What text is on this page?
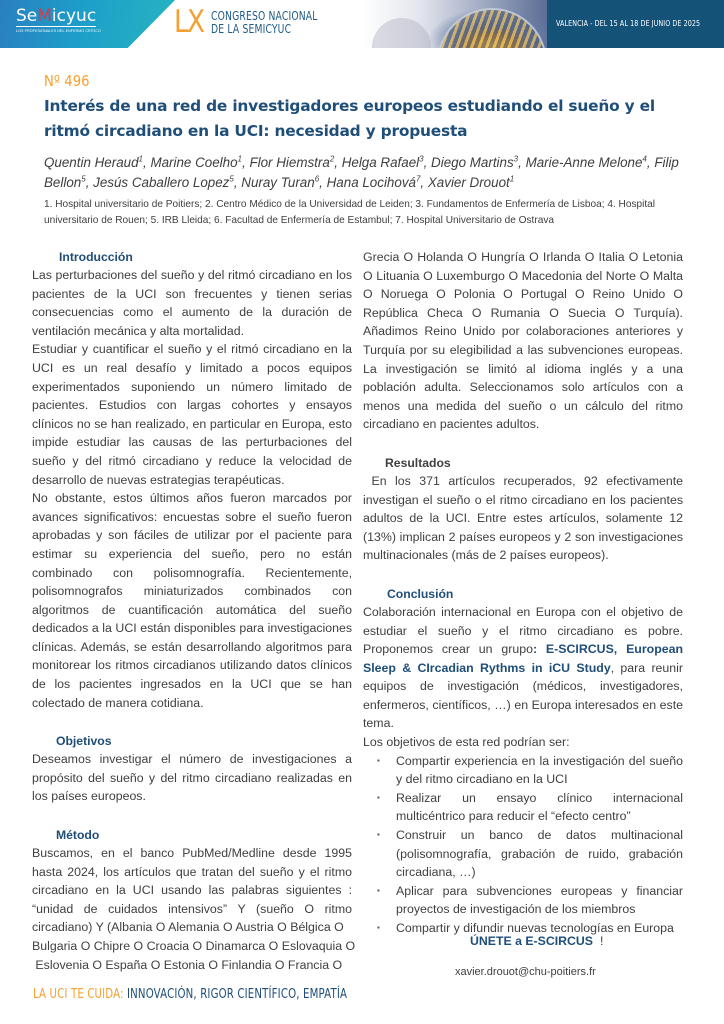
SeMicyuc
LOS PROFESIONALES DEL ENFERMO CRÍTICO LX CONGRESO NACIONAL
DE LA SEMICYUC	VALENCIA - DEL 15 AL 18 DE JUNIO DE 2025
Nº 496
Interés de una red de investigadores europeos estudiando el sueño y el ritmó circadiano en la UCI: necesidad y propuesta
Quentin Heraud$^1$, Marine Coelho$^1$, Flor Hiemstra$^2$, Helga Rafael$^3$, Diego Martins$^3$, Marie-Anne Melone$^4$, Filip Bellon$^5$, Jesús Caballero Lopez$^5$, Nuray Turan$^6$, Hana Locihová$^7$, Xavier Drouot$^1$
1. Hospital universitario de Poitiers; 2. Centro Médico de la Universidad de Leiden; 3. Fundamentos de Enfermería de Lisboa; 4. Hospital universitario de Rouen; 5. IRB Lleida; 6. Facultad de Enfermería de Estambul; 7. Hospital Universitario de Ostrava
Introducción

Las perturbaciones del sueño y del ritmó circadiano en los pacientes de la UCI son frecuentes y tienen serias consecuencias como el aumento de la duración de ventilación mecánica y alta mortalidad.

Estudiar y cuantificar el sueño y el ritmó circadiano en la UCI es un real desafío y limitado a pocos equipos experimentados suponiendo un número limitado de pacientes. Estudios con largas cohortes y ensayos clínicos no se han realizado, en particular en Europa, esto impide estudiar las causas de las perturbaciones del sueño y del ritmó circadiano y reduce la velocidad de desarrollo de nuevas estrategias terapéuticas.

No obstante, estos últimos años fueron marcados por avances significativos: encuestas sobre el sueño fueron aprobadas y son fáciles de utilizar por el paciente para estimar su experiencia del sueño, pero no están combinado con polisomnografía. Recientemente, polisomnografos miniaturizados combinados con algoritmos de cuantificación automática del sueño dedicados a la UCI están disponibles para investigaciones clínicas. Además, se están desarrollando algoritmos para monitorear los ritmos circadianos utilizando datos clínicos de los pacientes ingresados en la UCI que se han colectado de manera cotidiana.

Objetivos

Deseamos investigar el número de investigaciones a propósito del sueño y del ritmo circadiano realizadas en los países europeos.

Método

Buscamos, en el banco PubMed/Medline desde 1995 hasta 2024, los artículos que tratan del sueño y el ritmo circadiano en la UCI usando las palabras siguientes : “unidad de cuidados intensivos” Y (sueño O ritmo circadiano) Y (Albania O Alemania O Austria O Bélgica O

Bulgaria O Chipre O Croacia O Dinamarca O Eslovaquia O

Eslovenia O España O Estonia O Finlandia O Francia O

Grecia O Holanda O Hungría O Irlanda O Italia O Letonia O Lituania O Luxemburgo O Macedonia del Norte O Malta O Noruega O Polonia O Portugal O Reino Unido O República Checa O Rumania O Suecia O Turquía). Añadimos Reino Unido por colaboraciones anteriores y Turquía por su elegibilidad a las subvenciones europeas. La investigación se limitó al idioma inglés y a una población adulta. Seleccionamos solo artículos con a menos una medida del sueño o un cálculo del ritmo circadiano en pacientes adultos.

Resultados

En los 371 artículos recuperados, 92 efectivamente investigan el sueño o el ritmo circadiano en los pacientes adultos de la UCI. Entre estes artículos, solamente 12 (13%) implican 2 países europeos y 2 son investigaciones multinacionales (más de 2 países europeos).

Conclusión

Colaboración internacional en Europa con el objetivo de estudiar el sueño y el ritmo circadiano es pobre. Proponemos crear un grupo: E-SCIRCUS, European Sleep & CIrcadian Rythms in iCU Study, para reunir equipos de investigación (médicos, investigadores, enfermeros, científicos, …) en Europa interesados en este tema.

Los objetivos de esta red podrían ser:

▪ Compartir experiencia en la investigación del sueño y del ritmo circadiano en la UCI
▪ Realizar un ensayo clínico internacional multicéntrico para reducir el “efecto centro”
▪ Construir un banco de datos multinacional (polisomnografía, grabación de ruido, grabación circadiana, …)
▪ Aplicar para subvenciones europeas y financiar proyectos de investigación de los miembros
▪ Compartir y difundir nuevas tecnologías en Europa
ÚNETE a E-SCIRCUS !
xavier.drouot@chu-poitiers.fr
LA UCI TE CUIDA: INNOVACIÓN, RIGOR CIENTÍFICO, EMPATÍA
